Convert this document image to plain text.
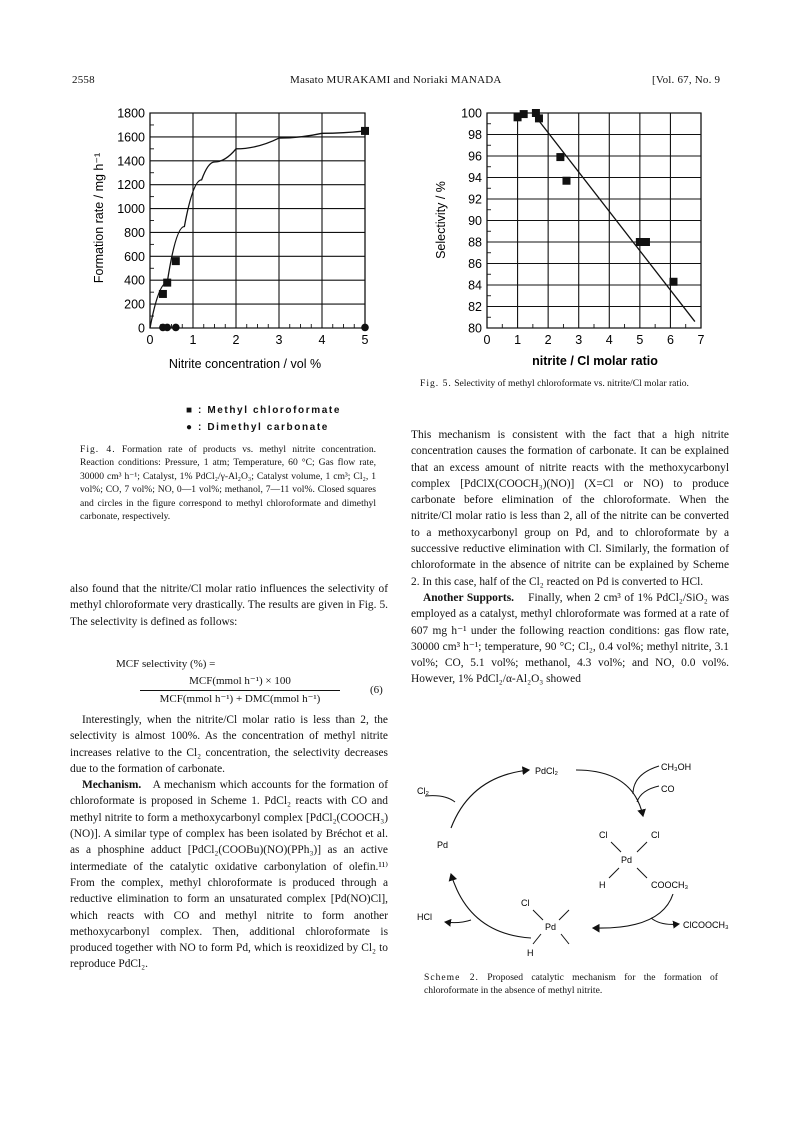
2558	Masato MURAKAMI and Noriaki MANADA	[Vol. 67, No. 9
0	1	2	3	4	5
0
200
400
600
800
1000
1200
1400
1600
1800
Nitrite concentration / vol %
Formation rate / mg h⁻¹
■ : Methyl chloroformate
● : Dimethyl carbonate
Fig. 4. Formation rate of products vs. methyl nitrite concentration. Reaction conditions: Pressure, 1 atm; Temperature, 60 °C; Gas flow rate, 30000 cm³ h⁻¹; Catalyst, 1% PdCl₂/γ-Al₂O₃; Catalyst volume, 1 cm³; Cl₂, 1 vol%; CO, 7 vol%; NO, 0—1 vol%; methanol, 7—11 vol%. Closed squares and circles in the figure correspond to methyl chloroformate and dimethyl carbonate, respectively.
0 1 2 3 4 5 6 7
80
82
84
86
88
90
92
94
96
98
100
nitrite / Cl molar ratio
Selectivity / %
Fig. 5. Selectivity of methyl chloroformate vs. nitrite/Cl molar ratio.

also found that the nitrite/Cl molar ratio influences the selectivity of methyl chloroformate very drastically. The results are given in Fig. 5. The selectivity is defined as follows:

MCF selectivity (%) =
MCF(mmol h⁻¹) × 100
MCF(mmol h⁻¹) + DMC(mmol h⁻¹)
(6)

Interestingly, when the nitrite/Cl molar ratio is less than 2, the selectivity is almost 100%. As the concentration of methyl nitrite increases relative to the Cl₂ concentration, the selectivity decreases due to the formation of carbonate.

Mechanism. A mechanism which accounts for the formation of chloroformate is proposed in Scheme 1. PdCl₂ reacts with CO and methyl nitrite to form a methoxycarbonyl complex [PdCl₂(COOCH₃)(NO)]. A similar type of complex has been isolated by Bréchot et al. as a phosphine adduct [PdCl₂(COOBu)(NO)(PPh₃)] as an active intermediate of the catalytic oxidative carbonylation of olefin.¹¹⁾ From the complex, methyl chloroformate is produced through a reductive elimination to form an unsaturated complex [Pd(NO)Cl], which reacts with CO and methyl nitrite to form another methoxycarbonyl complex. Then, additional chloroformate is produced together with NO to form Pd, which is reoxidized by Cl₂ to reproduce PdCl₂.

This mechanism is consistent with the fact that a high nitrite concentration causes the formation of carbonate. It can be explained that an excess amount of nitrite reacts with the methoxycarbonyl complex [PdClX(COOCH₃)(NO)] (X=Cl or NO) to produce carbonate before elimination of the chloroformate. When the nitrite/Cl molar ratio is less than 2, all of the nitrite can be converted to a methoxycarbonyl group on Pd, and to chloroformate by a successive reductive elimination with Cl. Similarly, the formation of chloroformate in the absence of nitrite can be explained by Scheme 2. In this case, half of the Cl₂ reacted on Pd is converted to HCl.

Another Supports. Finally, when 2 cm³ of 1% PdCl₂/SiO₂ was employed as a catalyst, methyl chloroformate was formed at a rate of 607 mg h⁻¹ under the following reaction conditions: gas flow rate, 30000 cm³ h⁻¹; temperature, 90 °C; Cl₂, 0.4 vol%; methyl nitrite, 3.1 vol%; CO, 5.1 vol%; methanol, 4.3 vol%; and NO, 0.0 vol%. However, 1% PdCl₂/α-Al₂O₃ showed

PdCl₂	CH₃OH
CO
Cl₂
Pd
HCl
Cl	Cl
Pd
H	COOCH₃
Cl
Pd
H
ClCOOCH₃
Scheme 2. Proposed catalytic mechanism for the formation of chloroformate in the absence of methyl nitrite.
